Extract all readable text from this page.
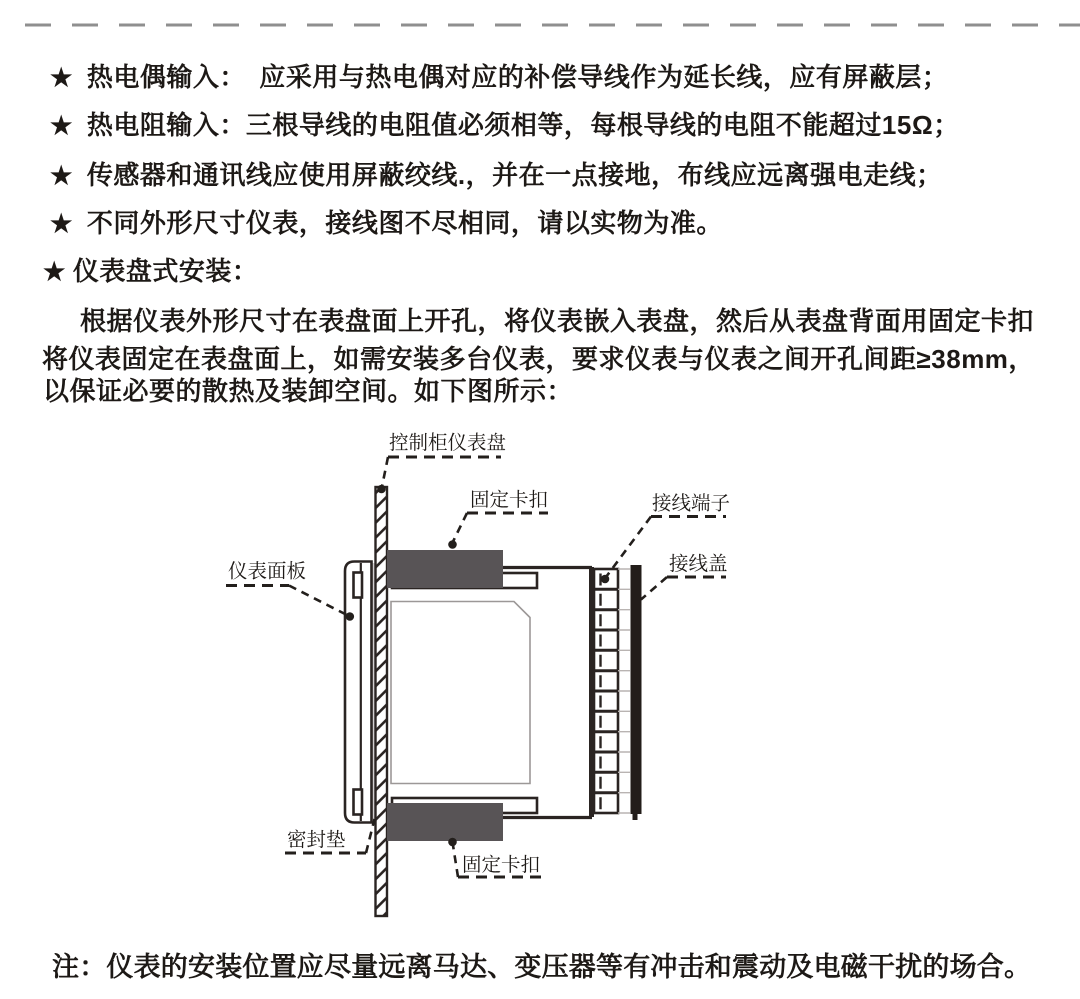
控制柜仪表盘
固定卡扣	接线端子
接线盖
仪表面板
密封垫
固定卡扣
★ 热电偶输入：　应采用与热电偶对应的补偿导线作为延长线，应有屏蔽层；
★ 热电阻输入：三根导线的电阻值必须相等，每根导线的电阻不能超过15Ω；
★ 传感器和通讯线应使用屏蔽绞线.，并在一点接地，布线应远离强电走线；
★ 不同外形尺寸仪表，接线图不尽相同，请以实物为准。
★ 仪表盘式安装：
根据仪表外形尺寸在表盘面上开孔，将仪表嵌入表盘，然后从表盘背面用固定卡扣
将仪表固定在表盘面上，如需安装多台仪表，要求仪表与仪表之间开孔间距≥38mm，
以保证必要的散热及装卸空间。如下图所示：
注：仪表的安装位置应尽量远离马达、变压器等有冲击和震动及电磁干扰的场合。
